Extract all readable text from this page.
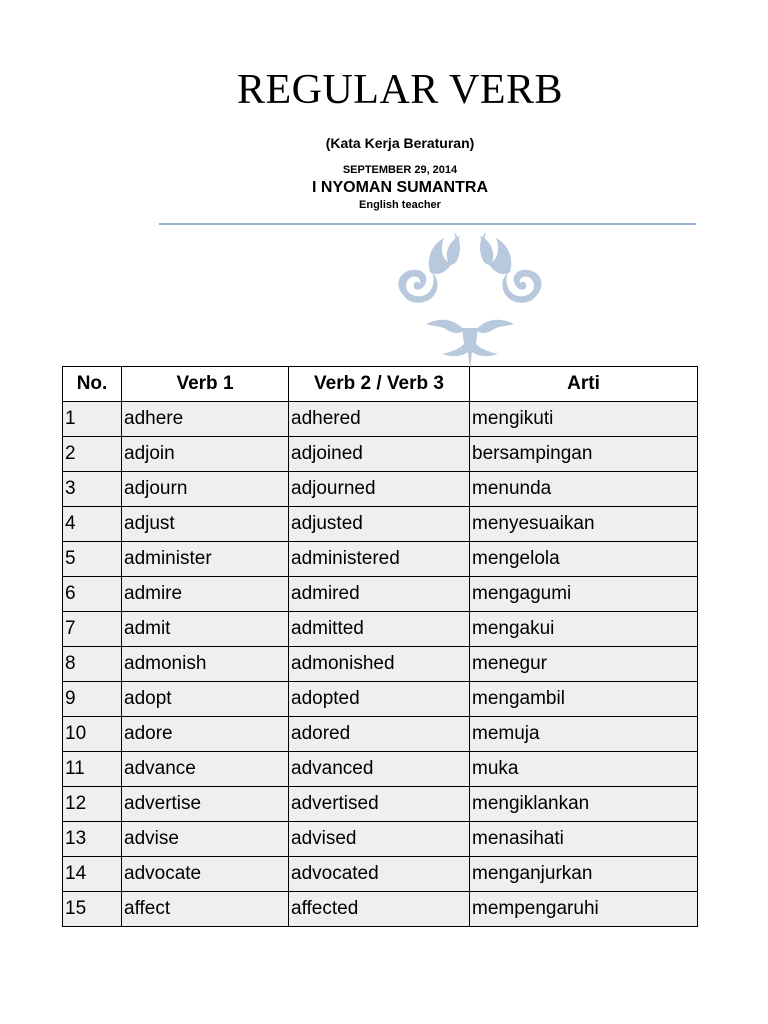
REGULAR VERB
(Kata Kerja Beraturan)
SEPTEMBER 29, 2014
I NYOMAN SUMANTRA
English teacher
No.	Verb 1	Verb 2 / Verb 3	Arti
1	adhere	adhered	mengikuti
2	adjoin	adjoined	bersampingan
3	adjourn	adjourned	menunda
4	adjust	adjusted	menyesuaikan
5	administer	administered	mengelola
6	admire	admired	mengagumi
7	admit	admitted	mengakui
8	admonish	admonished	menegur
9	adopt	adopted	mengambil
10	adore	adored	memuja
11	advance	advanced	muka
12	advertise	advertised	mengiklankan
13	advise	advised	menasihati
14	advocate	advocated	menganjurkan
15	affect	affected	mempengaruhi
